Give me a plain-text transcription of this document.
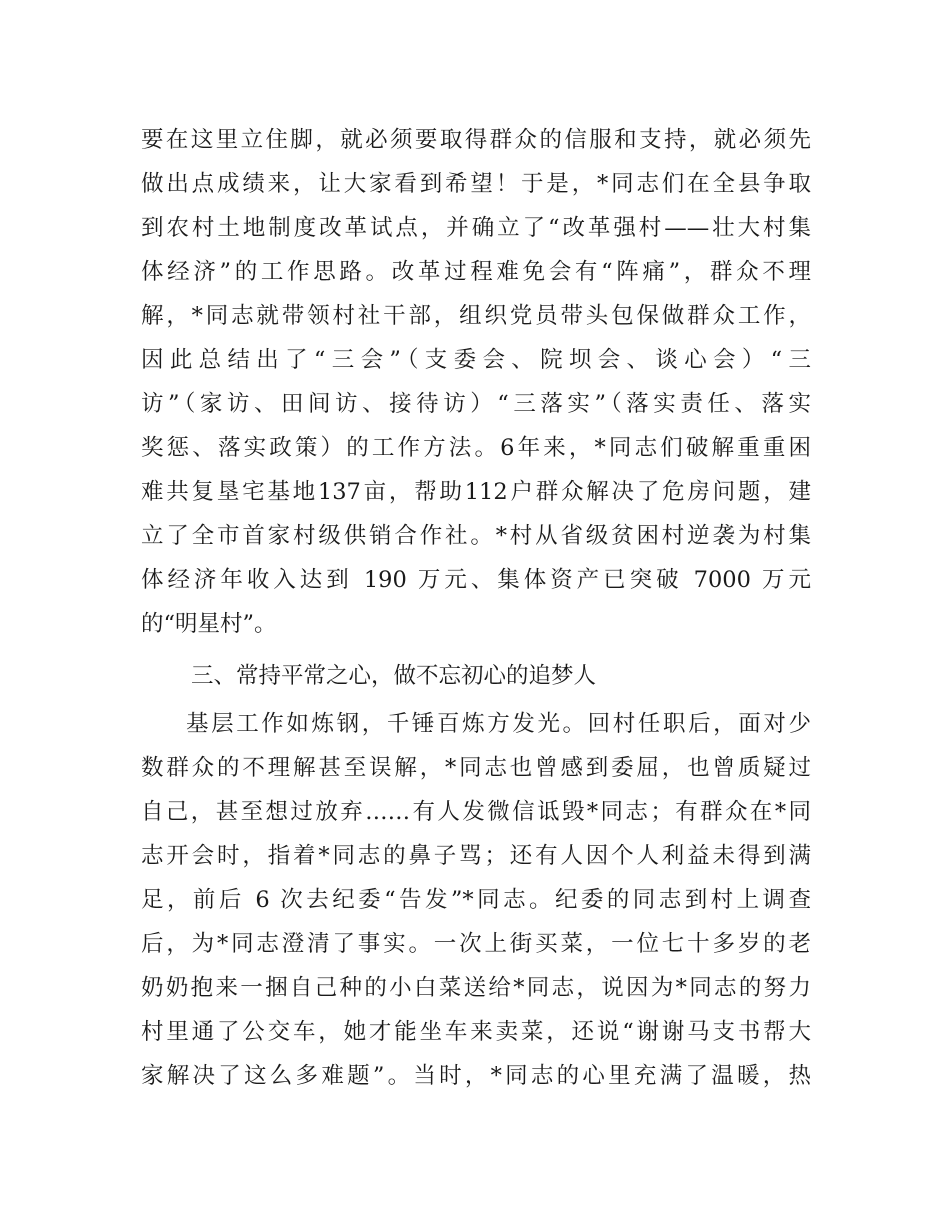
要在这里立住脚，就必须要取得群众的信服和支持，就必须先
做出点成绩来，让大家看到希望！于是，*同志们在全县争取
到农村土地制度改革试点，并确立了“改革强村——壮大村集
体经济”的工作思路。改革过程难免会有“阵痛”，群众不理
解，*同志就带领村社干部，组织党员带头包保做群众工作，
因此总结出了“三会”（支委会、院坝会、谈心会）“三
访”（家访、田间访、接待访）“三落实”（落实责任、落实
奖惩、落实政策）的工作方法。6年来，*同志们破解重重困
难共复垦宅基地137亩，帮助112户群众解决了危房问题，建
立了全市首家村级供销合作社。*村从省级贫困村逆袭为村集
体经济年收入达到 190 万元、集体资产已突破 7000 万元
的“明星村”。
三、常持平常之心，做不忘初心的追梦人
基层工作如炼钢，千锤百炼方发光。回村任职后，面对少
数群众的不理解甚至误解，*同志也曾感到委屈，也曾质疑过
自己，甚至想过放弃……有人发微信诋毁*同志；有群众在*同
志开会时，指着*同志的鼻子骂；还有人因个人利益未得到满
足，前后 6 次去纪委“告发”*同志。纪委的同志到村上调查
后，为*同志澄清了事实。一次上街买菜，一位七十多岁的老
奶奶抱来一捆自己种的小白菜送给*同志，说因为*同志的努力
村里通了公交车，她才能坐车来卖菜，还说“谢谢马支书帮大
家解决了这么多难题”。当时，*同志的心里充满了温暖，热
